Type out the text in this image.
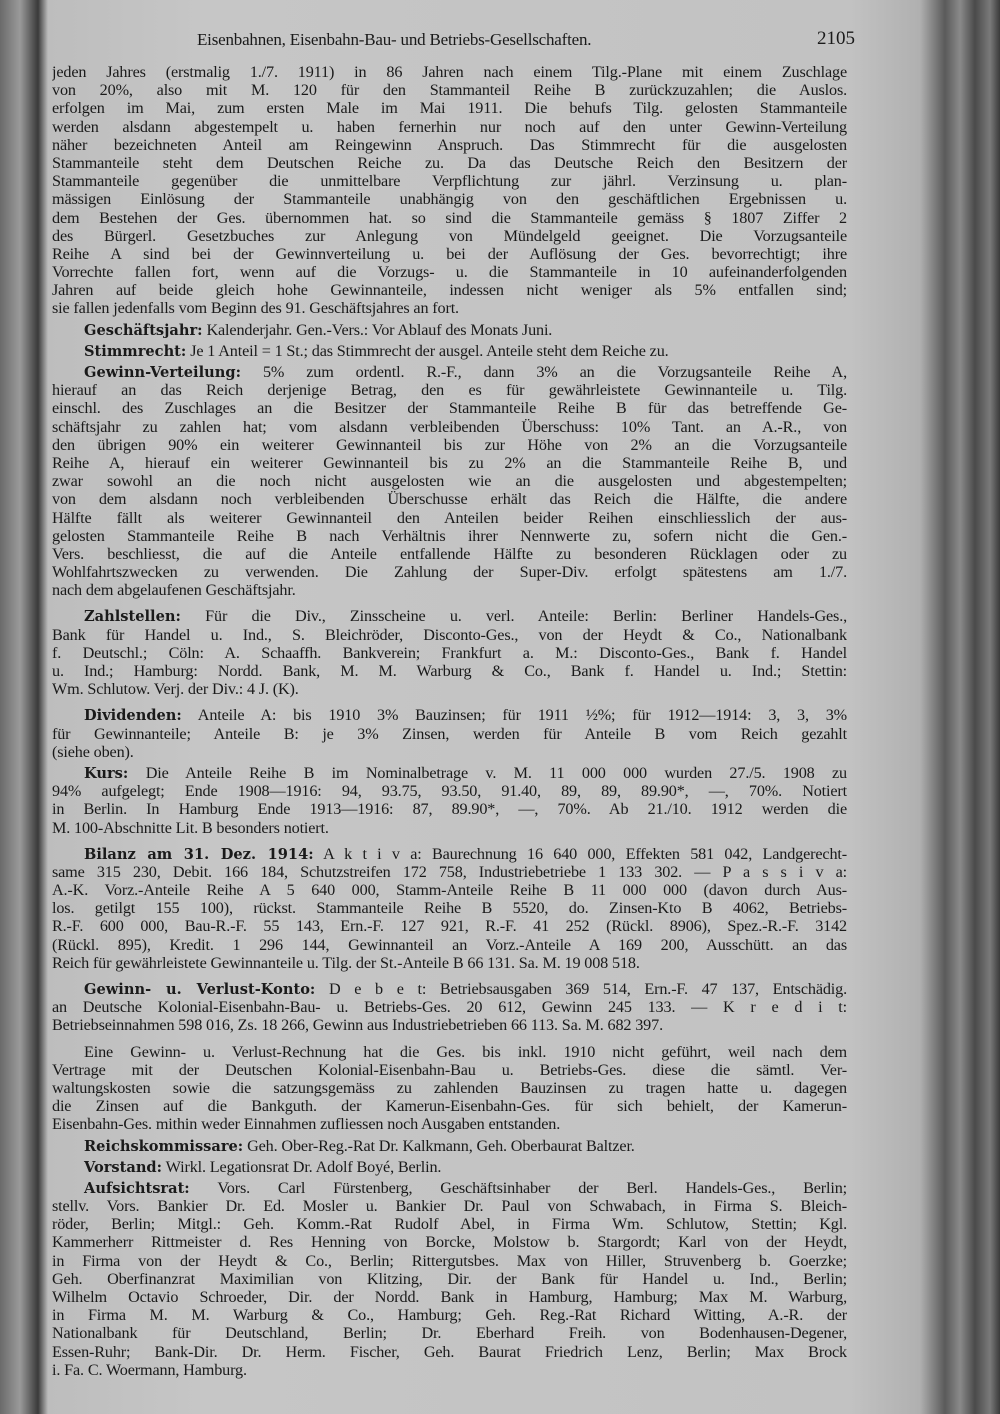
Eisenbahnen, Eisenbahn-Bau- und Betriebs-Gesellschaften.	2105
jeden Jahres (erstmalig 1./7. 1911) in 86 Jahren nach einem Tilg.-Plane mit einem Zuschlage
von 20%, also mit M. 120 für den Stammanteil Reihe B zurückzuzahlen; die Auslos.
erfolgen im Mai, zum ersten Male im Mai 1911. Die behufs Tilg. gelosten Stammanteile
werden alsdann abgestempelt u. haben fernerhin nur noch auf den unter Gewinn-Verteilung
näher bezeichneten Anteil am Reingewinn Anspruch. Das Stimmrecht für die ausgelosten
Stammanteile steht dem Deutschen Reiche zu. Da das Deutsche Reich den Besitzern der
Stammanteile gegenüber die unmittelbare Verpflichtung zur jährl. Verzinsung u. plan-
mässigen Einlösung der Stammanteile unabhängig von den geschäftlichen Ergebnissen u.
dem Bestehen der Ges. übernommen hat. so sind die Stammanteile gemäss § 1807 Ziffer 2
des Bürgerl. Gesetzbuches zur Anlegung von Mündelgeld geeignet. Die Vorzugsanteile
Reihe A sind bei der Gewinnverteilung u. bei der Auflösung der Ges. bevorrechtigt; ihre
Vorrechte fallen fort, wenn auf die Vorzugs- u. die Stammanteile in 10 aufeinanderfolgenden
Jahren auf beide gleich hohe Gewinnanteile, indessen nicht weniger als 5% entfallen sind;
sie fallen jedenfalls vom Beginn des 91. Geschäftsjahres an fort.
Geschäftsjahr: Kalenderjahr. Gen.-Vers.: Vor Ablauf des Monats Juni.
Stimmrecht: Je 1 Anteil = 1 St.; das Stimmrecht der ausgel. Anteile steht dem Reiche zu.
Gewinn-Verteilung: 5% zum ordentl. R.-F., dann 3% an die Vorzugsanteile Reihe A,
hierauf an das Reich derjenige Betrag, den es für gewährleistete Gewinnanteile u. Tilg.
einschl. des Zuschlages an die Besitzer der Stammanteile Reihe B für das betreffende Ge-
schäftsjahr zu zahlen hat; vom alsdann verbleibenden Überschuss: 10% Tant. an A.-R., von
den übrigen 90% ein weiterer Gewinnanteil bis zur Höhe von 2% an die Vorzugsanteile
Reihe A, hierauf ein weiterer Gewinnanteil bis zu 2% an die Stammanteile Reihe B, und
zwar sowohl an die noch nicht ausgelosten wie an die ausgelosten und abgestempelten;
von dem alsdann noch verbleibenden Überschusse erhält das Reich die Hälfte, die andere
Hälfte fällt als weiterer Gewinnanteil den Anteilen beider Reihen einschliesslich der aus-
gelosten Stammanteile Reihe B nach Verhältnis ihrer Nennwerte zu, sofern nicht die Gen.-
Vers. beschliesst, die auf die Anteile entfallende Hälfte zu besonderen Rücklagen oder zu
Wohlfahrtszwecken zu verwenden. Die Zahlung der Super-Div. erfolgt spätestens am 1./7.
nach dem abgelaufenen Geschäftsjahr.
Zahlstellen: Für die Div., Zinsscheine u. verl. Anteile: Berlin: Berliner Handels-Ges.,
Bank für Handel u. Ind., S. Bleichröder, Disconto-Ges., von der Heydt & Co., Nationalbank
f. Deutschl.; Cöln: A. Schaaffh. Bankverein; Frankfurt a. M.: Disconto-Ges., Bank f. Handel
u. Ind.; Hamburg: Nordd. Bank, M. M. Warburg & Co., Bank f. Handel u. Ind.; Stettin:
Wm. Schlutow. Verj. der Div.: 4 J. (K).
Dividenden: Anteile A: bis 1910 3% Bauzinsen; für 1911 ½%; für 1912—1914: 3, 3, 3%
für Gewinnanteile; Anteile B: je 3% Zinsen, werden für Anteile B vom Reich gezahlt
(siehe oben).
Kurs: Die Anteile Reihe B im Nominalbetrage v. M. 11 000 000 wurden 27./5. 1908 zu
94% aufgelegt; Ende 1908—1916: 94, 93.75, 93.50, 91.40, 89, 89, 89.90*, —, 70%. Notiert
in Berlin. In Hamburg Ende 1913—1916: 87, 89.90*, —, 70%. Ab 21./10. 1912 werden die
M. 100-Abschnitte Lit. B besonders notiert.
Bilanz am 31. Dez. 1914: A k t i v a: Baurechnung 16 640 000, Effekten 581 042, Landgerecht-
same 315 230, Debit. 166 184, Schutzstreifen 172 758, Industriebetriebe 1 133 302. — P a s s i v a:
A.-K. Vorz.-Anteile Reihe A 5 640 000, Stamm-Anteile Reihe B 11 000 000 (davon durch Aus-
los. getilgt 155 100), rückst. Stammanteile Reihe B 5520, do. Zinsen-Kto B 4062, Betriebs-
R.-F. 600 000, Bau-R.-F. 55 143, Ern.-F. 127 921, R.-F. 41 252 (Rückl. 8906), Spez.-R.-F. 3142
(Rückl. 895), Kredit. 1 296 144, Gewinnanteil an Vorz.-Anteile A 169 200, Ausschütt. an das
Reich für gewährleistete Gewinnanteile u. Tilg. der St.-Anteile B 66 131. Sa. M. 19 008 518.
Gewinn- u. Verlust-Konto: D e b e t: Betriebsausgaben 369 514, Ern.-F. 47 137, Entschädig.
an Deutsche Kolonial-Eisenbahn-Bau- u. Betriebs-Ges. 20 612, Gewinn 245 133. — K r e d i t:
Betriebseinnahmen 598 016, Zs. 18 266, Gewinn aus Industriebetrieben 66 113. Sa. M. 682 397.
Eine Gewinn- u. Verlust-Rechnung hat die Ges. bis inkl. 1910 nicht geführt, weil nach dem
Vertrage mit der Deutschen Kolonial-Eisenbahn-Bau u. Betriebs-Ges. diese die sämtl. Ver-
waltungskosten sowie die satzungsgemäss zu zahlenden Bauzinsen zu tragen hatte u. dagegen
die Zinsen auf die Bankguth. der Kamerun-Eisenbahn-Ges. für sich behielt, der Kamerun-
Eisenbahn-Ges. mithin weder Einnahmen zufliessen noch Ausgaben entstanden.
Reichskommissare: Geh. Ober-Reg.-Rat Dr. Kalkmann, Geh. Oberbaurat Baltzer.
Vorstand: Wirkl. Legationsrat Dr. Adolf Boyé, Berlin.
Aufsichtsrat: Vors. Carl Fürstenberg, Geschäftsinhaber der Berl. Handels-Ges., Berlin;
stellv. Vors. Bankier Dr. Ed. Mosler u. Bankier Dr. Paul von Schwabach, in Firma S. Bleich-
röder, Berlin; Mitgl.: Geh. Komm.-Rat Rudolf Abel, in Firma Wm. Schlutow, Stettin; Kgl.
Kammerherr Rittmeister d. Res Henning von Borcke, Molstow b. Stargordt; Karl von der Heydt,
in Firma von der Heydt & Co., Berlin; Rittergutsbes. Max von Hiller, Struvenberg b. Goerzke;
Geh. Oberfinanzrat Maximilian von Klitzing, Dir. der Bank für Handel u. Ind., Berlin;
Wilhelm Octavio Schroeder, Dir. der Nordd. Bank in Hamburg, Hamburg; Max M. Warburg,
in Firma M. M. Warburg & Co., Hamburg; Geh. Reg.-Rat Richard Witting, A.-R. der
Nationalbank für Deutschland, Berlin; Dr. Eberhard Freih. von Bodenhausen-Degener,
Essen-Ruhr; Bank-Dir. Dr. Herm. Fischer, Geh. Baurat Friedrich Lenz, Berlin; Max Brock
i. Fa. C. Woermann, Hamburg.
